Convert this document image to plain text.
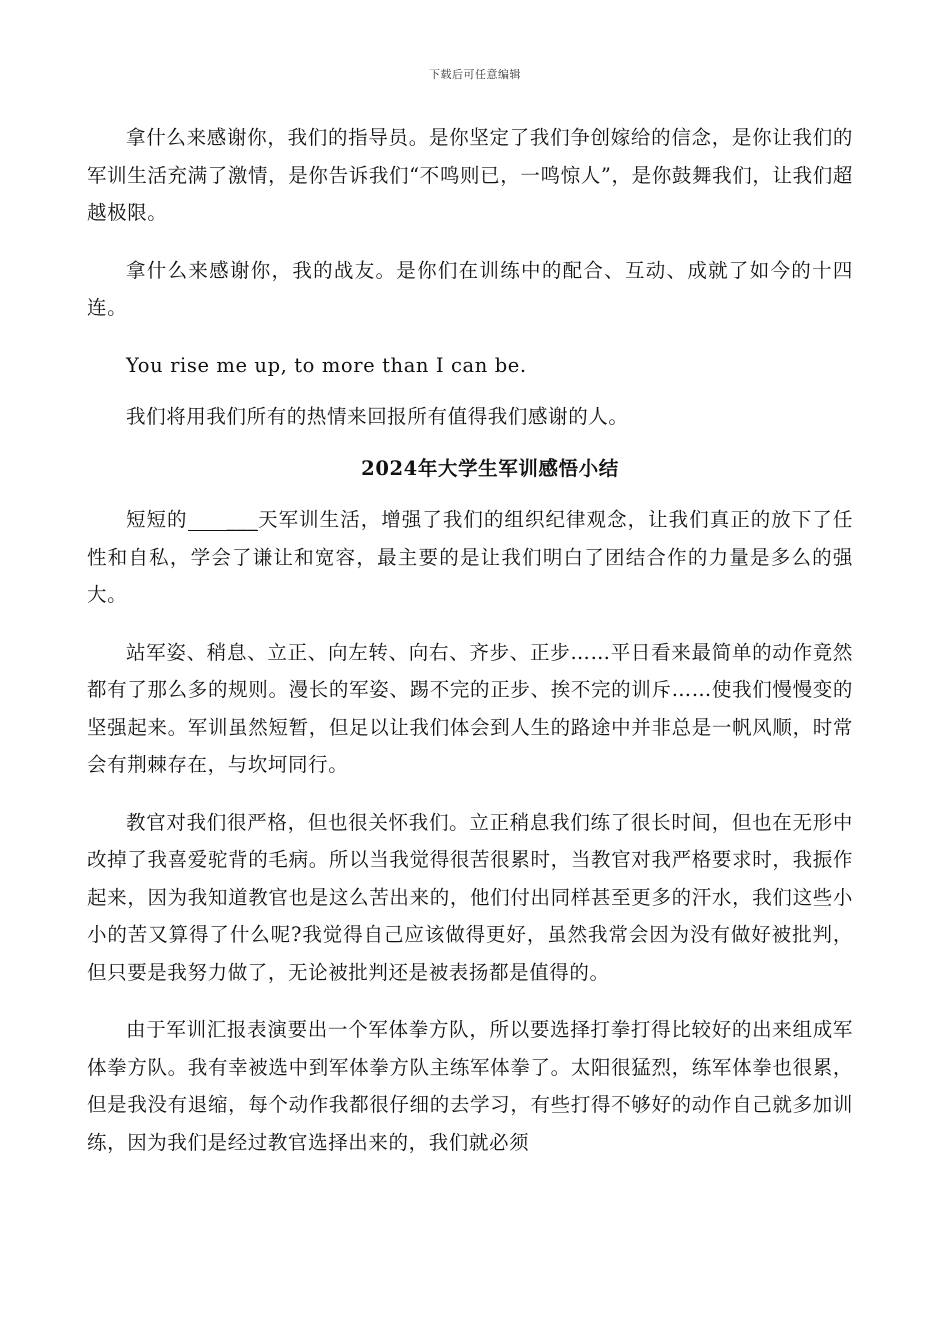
下载后可任意编辑

拿什么来感谢你，我们的指导员。是你坚定了我们争创嫁给的信念，是你让我们的军训生活充满了激情，是你告诉我们“不鸣则已，一鸣惊人”，是你鼓舞我们，让我们超越极限。

拿什么来感谢你，我的战友。是你们在训练中的配合、互动、成就了如今的十四连。

You rise me up, to more than I can be.

我们将用我们所有的热情来回报所有值得我们感谢的人。

2024年大学生军训感悟小结

短短的 ___天军训生活，增强了我们的组织纪律观念，让我们真正的放下了任性和自私，学会了谦让和宽容，最主要的是让我们明白了团结合作的力量是多么的强大。

站军姿、稍息、立正、向左转、向右、齐步、正步……平日看来最简单的动作竟然都有了那么多的规则。漫长的军姿、踢不完的正步、挨不完的训斥……使我们慢慢变的坚强起来。军训虽然短暂，但足以让我们体会到人生的路途中并非总是一帆风顺，时常会有荆棘存在，与坎坷同行。

教官对我们很严格，但也很关怀我们。立正稍息我们练了很长时间，但也在无形中改掉了我喜爱驼背的毛病。所以当我觉得很苦很累时，当教官对我严格要求时，我振作起来，因为我知道教官也是这么苦出来的，他们付出同样甚至更多的汗水，我们这些小小的苦又算得了什么呢?我觉得自己应该做得更好，虽然我常会因为没有做好被批判，但只要是我努力做了，无论被批判还是被表扬都是值得的。

由于军训汇报表演要出一个军体拳方队，所以要选择打拳打得比较好的出来组成军体拳方队。我有幸被选中到军体拳方队主练军体拳了。太阳很猛烈，练军体拳也很累，但是我没有退缩，每个动作我都很仔细的去学习，有些打得不够好的动作自己就多加训练，因为我们是经过教官选择出来的，我们就必须
